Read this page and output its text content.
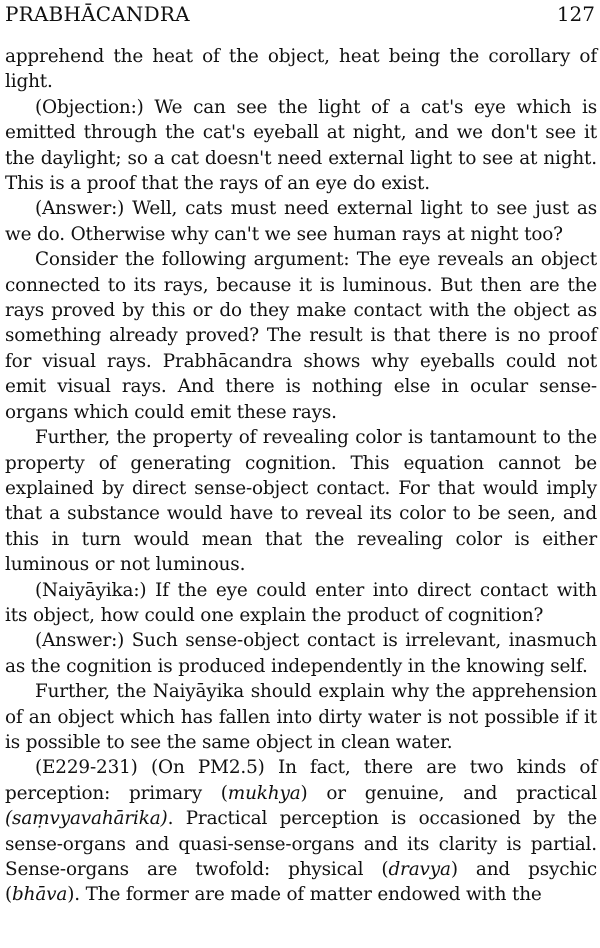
PRABHĀCANDRA	127

apprehend the heat of the object, heat being the corollary of light.

(Objection:) We can see the light of a cat's eye which is emitted through the cat's eyeball at night, and we don't see it the daylight; so a cat doesn't need external light to see at night. This is a proof that the rays of an eye do exist.

(Answer:) Well, cats must need external light to see just as we do. Otherwise why can't we see human rays at night too?

Consider the following argument: The eye reveals an object connected to its rays, because it is luminous. But then are the rays proved by this or do they make contact with the object as something already proved? The result is that there is no proof for visual rays. Prabhācandra shows why eyeballs could not emit visual rays. And there is nothing else in ocular sense-organs which could emit these rays.

Further, the property of revealing color is tantamount to the property of generating cognition. This equation cannot be explained by direct sense-object contact. For that would imply that a substance would have to reveal its color to be seen, and this in turn would mean that the revealing color is either luminous or not luminous.

(Naiyāyika:) If the eye could enter into direct contact with its object, how could one explain the product of cognition?

(Answer:) Such sense-object contact is irrelevant, inasmuch as the cognition is produced independently in the knowing self.

Further, the Naiyāyika should explain why the apprehension of an object which has fallen into dirty water is not possible if it is possible to see the same object in clean water.

(E229-231) (On PM2.5) In fact, there are two kinds of perception: primary (mukhya) or genuine, and practical (saṃvyavahārika). Practical perception is occasioned by the sense-organs and quasi-sense-organs and its clarity is partial. Sense-organs are twofold: physical (dravya) and psychic (bhāva). The former are made of matter endowed with the
